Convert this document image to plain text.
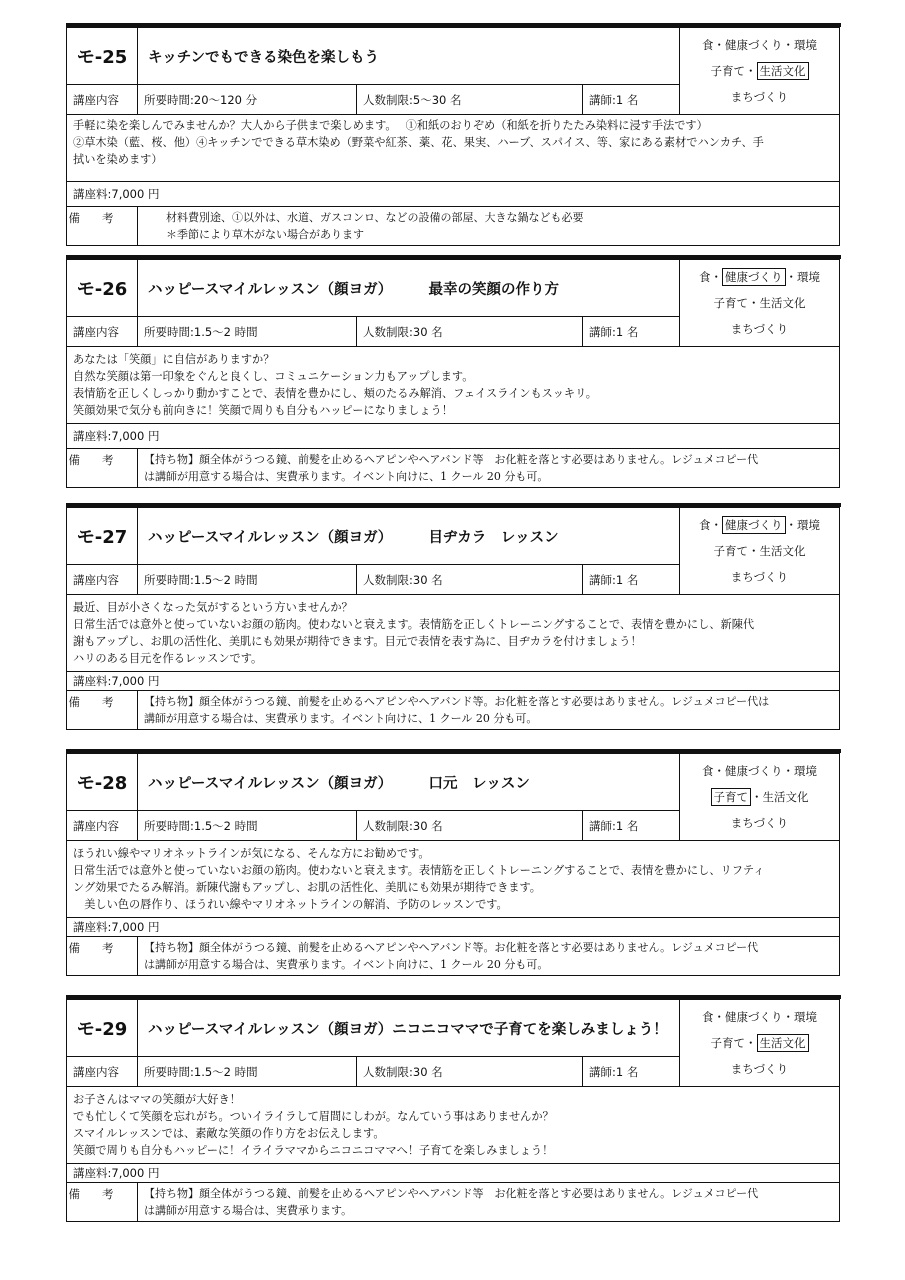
モ-25	キッチンでもできる染色を楽しもう
講座内容	所要時間:20～120 分	人数制限:5～30 名	講師:1 名
食・健康づくり・環境
子育て・ 生活文化
まちづくり
手軽に染を楽しんでみませんか？大人から子供まで楽しめます。　 ①和紙のおりぞめ（和紙を折りたたみ染料に浸す手法です）
②草木染（藍、桜、他）④キッチンでできる草木染め（野菜や紅茶、薬、花、果実、ハーブ、スパイス、等、家にある素材でハンカチ、手
拭いを染めます）
講座料:7,000 円
備考 　　材料費別途、①以外は、水道、ガスコンロ、などの設備の部屋、大きな鍋なども必要
　　＊季節により草木がない場合があります
モ-26	ハッピースマイルレッスン（顔ヨガ）　　　最幸の笑顔の作り方
講座内容	所要時間:1.5～2 時間	人数制限:30 名	講師:1 名
食・ 健康づくり ・環境
子育て・生活文化
まちづくり
あなたは「笑顔」に自信がありますか？
自然な笑顔は第一印象をぐんと良くし、コミュニケーション力もアップします。
表情筋を正しくしっかり動かすことで、表情を豊かにし、頬のたるみ解消、フェイスラインもスッキリ。
笑顔効果で気分も前向きに！笑顔で周りも自分もハッピーになりましょう！
講座料:7,000 円
備考 【持ち物】顔全体がうつる鏡、前髪を止めるヘアピンやヘアバンド等　お化粧を落とす必要はありません。レジュメコピー代
は講師が用意する場合は、実費承ります。イベント向けに、1 クール 20 分も可。
モ-27	ハッピースマイルレッスン（顔ヨガ）　　　目ヂカラ　レッスン
講座内容	所要時間:1.5～2 時間	人数制限:30 名	講師:1 名
食・ 健康づくり ・環境
子育て・生活文化
まちづくり
最近、目が小さくなった気がするという方いませんか？
日常生活では意外と使っていないお顔の筋肉。使わないと衰えます。表情筋を正しくトレーニングすることで、表情を豊かにし、新陳代
謝もアップし、お肌の活性化、美肌にも効果が期待できます。目元で表情を表す為に、目ヂカラを付けましょう！
ハリのある目元を作るレッスンです。
講座料:7,000 円
備考 【持ち物】顔全体がうつる鏡、前髪を止めるヘアピンやヘアバンド等。お化粧を落とす必要はありません。レジュメコピー代は
講師が用意する場合は、実費承ります。イベント向けに、1 クール 20 分も可。
モ-28	ハッピースマイルレッスン（顔ヨガ）　　　口元　レッスン
講座内容	所要時間:1.5～2 時間	人数制限:30 名	講師:1 名
食・健康づくり・環境
子育て ・生活文化
まちづくり
ほうれい線やマリオネットラインが気になる、そんな方にお勧めです。
日常生活では意外と使っていないお顔の筋肉。使わないと衰えます。表情筋を正しくトレーニングすることで、表情を豊かにし、リフティ
ング効果でたるみ解消。新陳代謝もアップし、お肌の活性化、美肌にも効果が期待できます。
　美しい色の唇作り、ほうれい線やマリオネットラインの解消、予防のレッスンです。
講座料:7,000 円
備考 【持ち物】顔全体がうつる鏡、前髪を止めるヘアピンやヘアバンド等。お化粧を落とす必要はありません。レジュメコピー代
は講師が用意する場合は、実費承ります。イベント向けに、1 クール 20 分も可。
モ-29	ハッピースマイルレッスン（顔ヨガ）ニコニコママで子育てを楽しみましょう！
講座内容	所要時間:1.5～2 時間	人数制限:30 名	講師:1 名
食・健康づくり・環境
子育て・ 生活文化
まちづくり
お子さんはママの笑顔が大好き！
でも忙しくて笑顔を忘れがち。ついイライラして眉間にしわが。なんていう事はありませんか？
スマイルレッスンでは、素敵な笑顔の作り方をお伝えします。
笑顔で周りも自分もハッピーに！イライラママからニコニコママへ！子育てを楽しみましょう！
講座料:7,000 円
備考 【持ち物】顔全体がうつる鏡、前髪を止めるヘアピンやヘアバンド等　お化粧を落とす必要はありません。レジュメコピー代
は講師が用意する場合は、実費承ります。
